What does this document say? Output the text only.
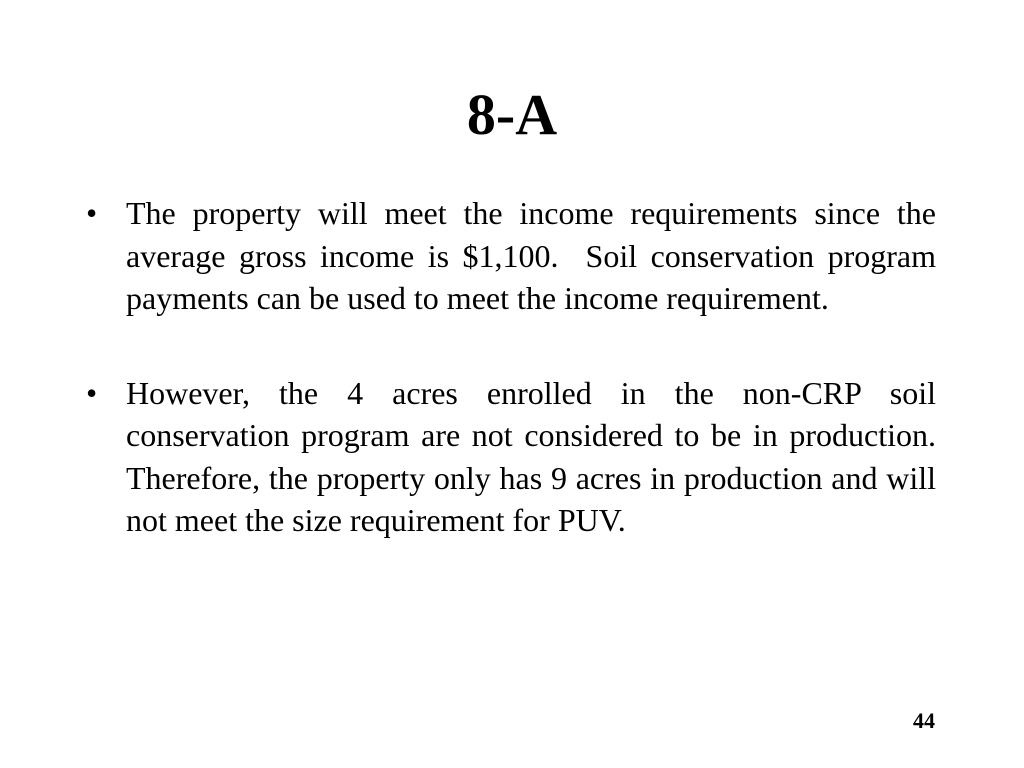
8-A
• The property will meet the income requirements since the average gross income is $1,100.  Soil conservation program payments can be used to meet the income requirement.
• However, the 4 acres enrolled in the non-CRP soil conservation program are not considered to be in production.  Therefore, the property only has 9 acres in production and will not meet the size requirement for PUV.
44
